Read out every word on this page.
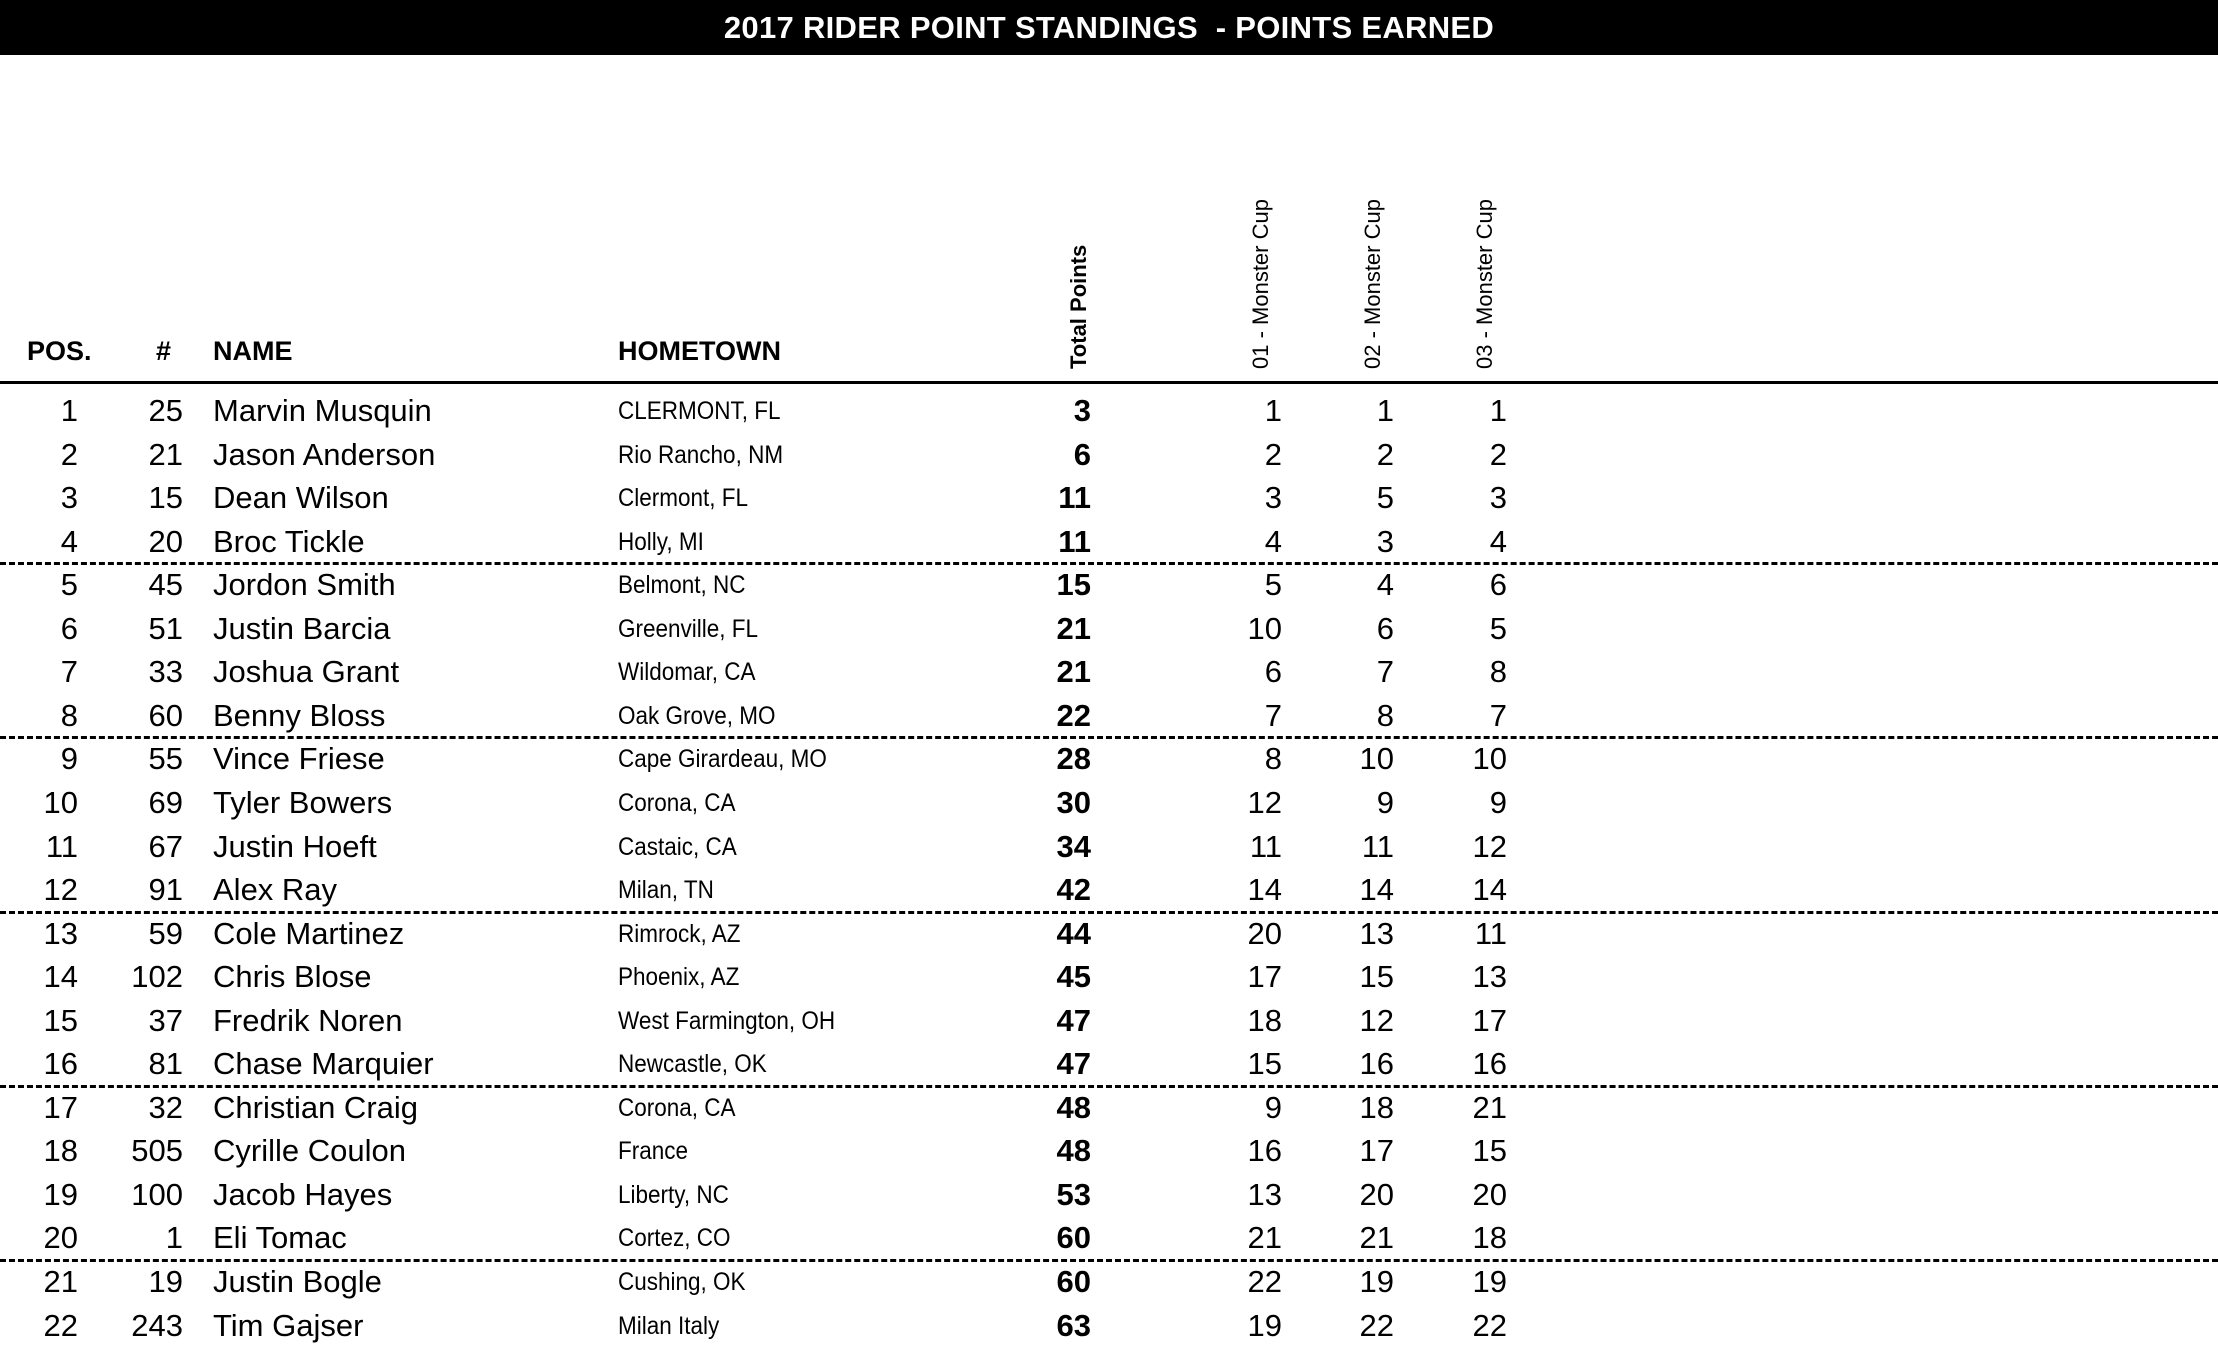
2017 RIDER POINT STANDINGS  - POINTS EARNED
POS. # NAME	HOMETOWN	Total Points	01 - Monster Cup	02 - Monster Cup	03 - Monster Cup
1 25 Marvin Musquin	CLERMONT, FL	3	1	1	1
2 21 Jason Anderson	Rio Rancho, NM	6	2	2	2
3 15 Dean Wilson	Clermont, FL	11	3	5	3
4 20 Broc Tickle	Holly, MI	11	4	3	4
5 45 Jordon Smith	Belmont, NC	15	5	4	6
6 51 Justin Barcia	Greenville, FL	21	10	6	5
7 33 Joshua Grant	Wildomar, CA	21	6	7	8
8 60 Benny Bloss	Oak Grove, MO	22	7	8	7
9 55 Vince Friese	Cape Girardeau, MO	28	8	10	10
10 69 Tyler Bowers	Corona, CA	30	12	9	9
11 67 Justin Hoeft	Castaic, CA	34	11	11	12
12 91 Alex Ray	Milan, TN	42	14	14	14
13 59 Cole Martinez	Rimrock, AZ	44	20	13	11
14 102 Chris Blose	Phoenix, AZ	45	17	15	13
15 37 Fredrik Noren	West Farmington, OH	47	18	12	17
16 81 Chase Marquier	Newcastle, OK	47	15	16	16
17 32 Christian Craig	Corona, CA	48	9	18	21
18 505 Cyrille Coulon	France	48	16	17	15
19 100 Jacob Hayes	Liberty, NC	53	13	20	20
20	1 Eli Tomac	Cortez, CO	60	21	21	18
21 19 Justin Bogle	Cushing, OK	60	22	19	19
22 243 Tim Gajser	Milan Italy	63	19	22	22
